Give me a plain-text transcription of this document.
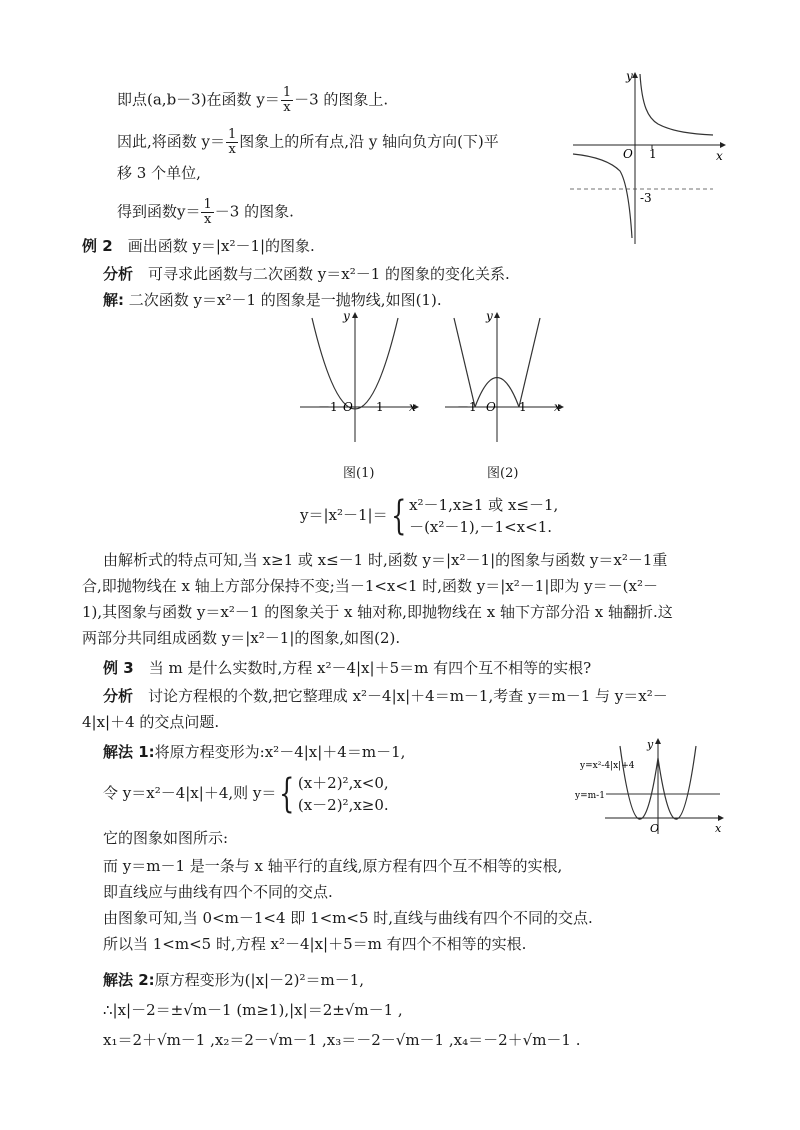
即点(a,b－3)在函数 $y= \frac{1}{x} -3$ 的图象上.
因此,将函数 $y= \frac{1}{x}$ 图象上的所有点,沿 y 轴向负方向(下)平
移 3 个单位,
得到函数$y= \frac{1}{x} -3$ 的图象.
y
x
O 1
-3
例 2　 画出函数 y＝|x²－1|的图象.
分析　 可寻求此函数与二次函数 y＝x²－1 的图象的变化关系.
解: 二次函数 y＝x²－1 的图象是一抛物线,如图(1).
y
x
－1 O 1
图(1)
y
x
－1 O 1
图(2)
y＝|x²－1|＝{ x²－1,x≥1 或 x≤－1,
－(x²－1),－1<x<1.
由解析式的特点可知,当 x≥1 或 x≤－1 时,函数 y＝|x²－1|的图象与函数 y＝x²－1重
合,即抛物线在 x 轴上方部分保持不变;当－1<x<1 时,函数 y＝|x²－1|即为 y＝－(x²－
1),其图象与函数 y＝x²－1 的图象关于 x 轴对称,即抛物线在 x 轴下方部分沿 x 轴翻折.这
两部分共同组成函数 y＝|x²－1|的图象,如图(2).
例 3　 当 m 是什么实数时,方程 x²－4|x|＋5＝m 有四个互不相等的实根?
分析　 讨论方程根的个数,把它整理成 x²－4|x|＋4＝m－1,考查 y＝m－1 与 y＝x²－
4|x|＋4 的交点问题.
解法 1:将原方程变形为:x²－4|x|＋4＝m－1,
令 y＝x²－4|x|＋4,则 y＝{ (x＋2)²,x<0,
(x－2)²,x≥0.
它的图象如图所示:
而 y＝m－1 是一条与 x 轴平行的直线,原方程有四个互不相等的实根,
即直线应与曲线有四个不同的交点.
由图象可知,当 0<m－1<4 即 1<m<5 时,直线与曲线有四个不同的交点.
所以当 1<m<5 时,方程 x²－4|x|＋5＝m 有四个不相等的实根.
y=x²-4|x|+4
y=m-1
y
x
O
解法 2:原方程变形为(|x|－2)²＝m－1,
∴|x|－2＝±√m－1 (m≥1),|x|＝2±√m－1 ,
x₁＝2＋√m－1 ,x₂＝2－√m－1 ,x₃＝－2－√m－1 ,x₄＝－2＋√m－1 .
